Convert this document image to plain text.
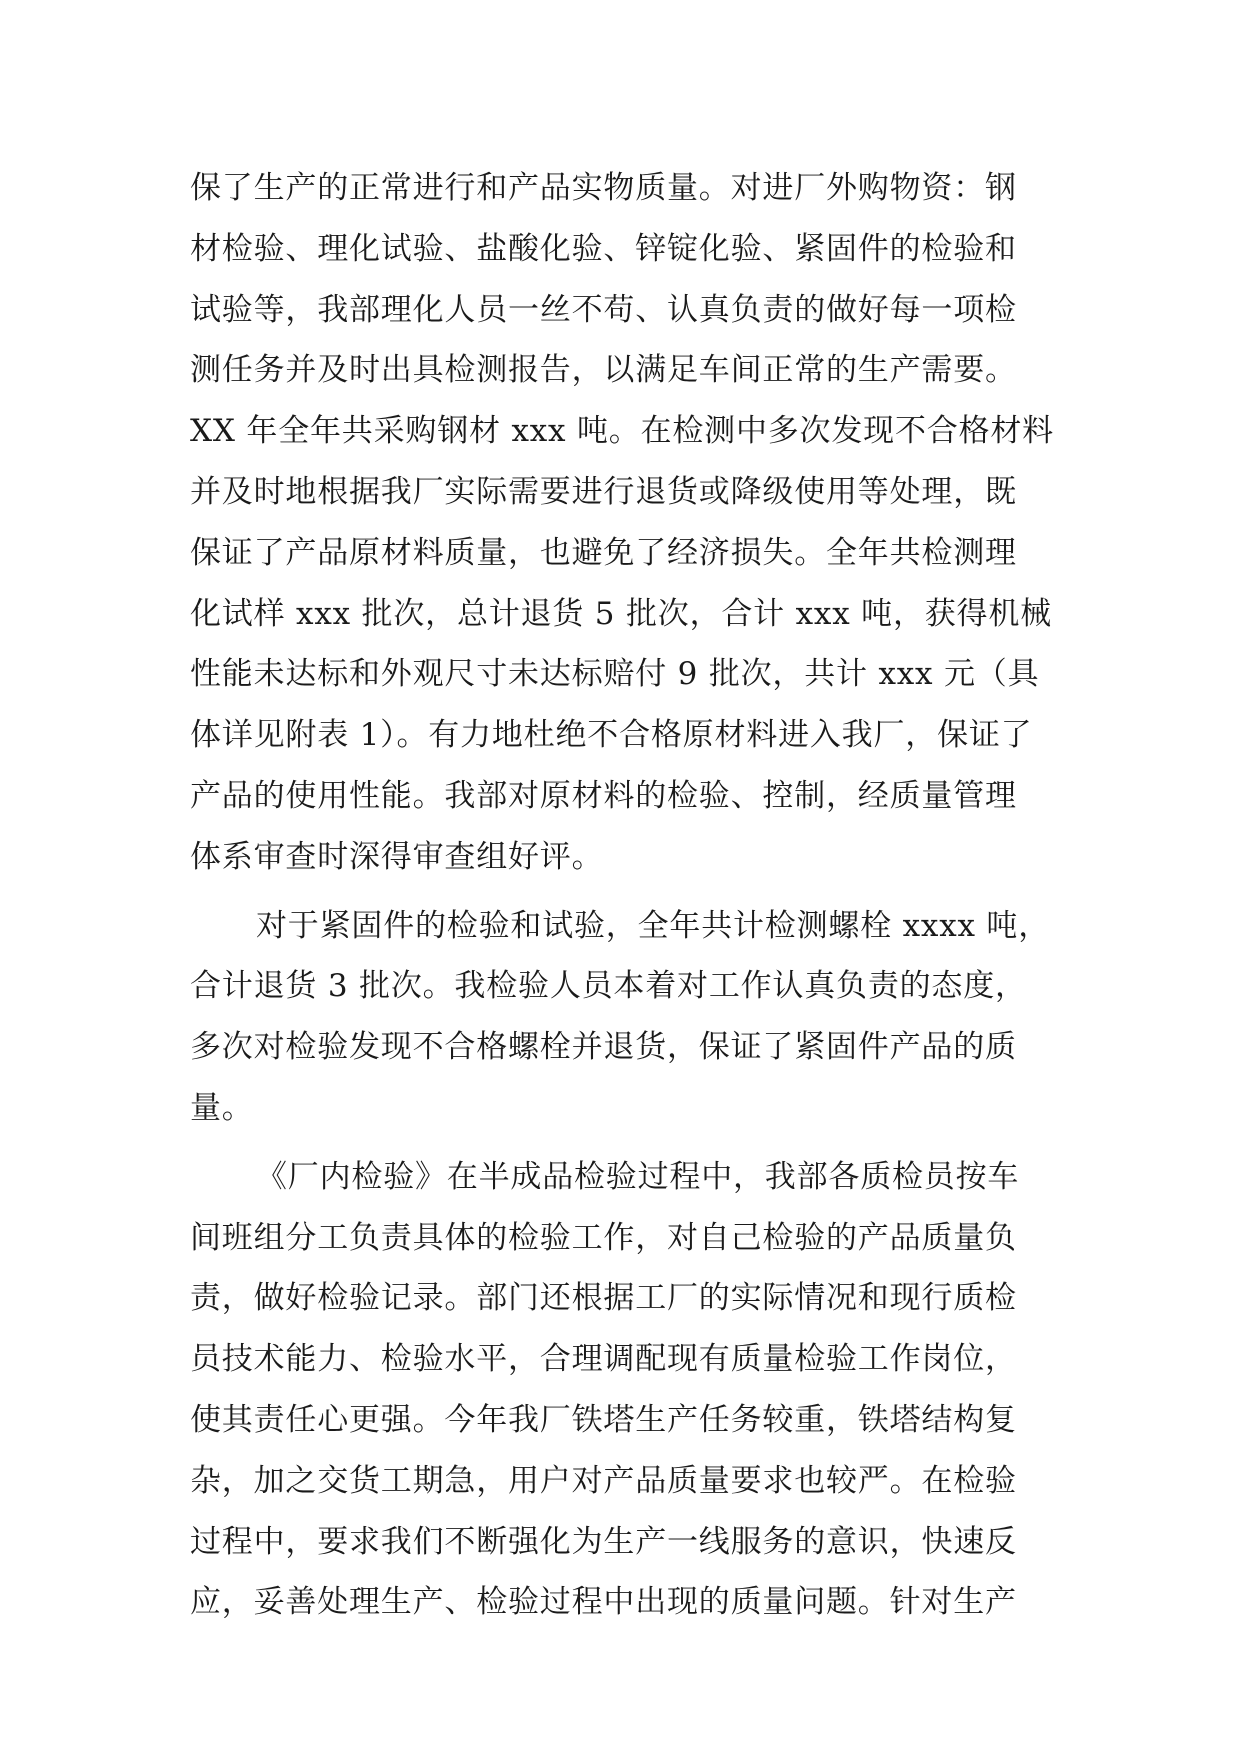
保了生产的正常进行和产品实物质量。对进厂外购物资：钢
材检验、理化试验、盐酸化验、锌锭化验、紧固件的检验和
试验等，我部理化人员一丝不苟、认真负责的做好每一项检
测任务并及时出具检测报告，以满足车间正常的生产需要。
XX 年全年共采购钢材 xxx 吨。在检测中多次发现不合格材料
并及时地根据我厂实际需要进行退货或降级使用等处理，既
保证了产品原材料质量，也避免了经济损失。全年共检测理
化试样 xxx 批次，总计退货 5 批次，合计 xxx 吨，获得机械
性能未达标和外观尺寸未达标赔付 9 批次，共计 xxx 元（具
体详见附表 1）。有力地杜绝不合格原材料进入我厂，保证了
产品的使用性能。我部对原材料的检验、控制，经质量管理
体系审查时深得审查组好评。
对于紧固件的检验和试验，全年共计检测螺栓 xxxx 吨，
合计退货 3 批次。我检验人员本着对工作认真负责的态度，
多次对检验发现不合格螺栓并退货，保证了紧固件产品的质
量。
《厂内检验》在半成品检验过程中，我部各质检员按车
间班组分工负责具体的检验工作，对自己检验的产品质量负
责，做好检验记录。部门还根据工厂的实际情况和现行质检
员技术能力、检验水平，合理调配现有质量检验工作岗位，
使其责任心更强。今年我厂铁塔生产任务较重，铁塔结构复
杂，加之交货工期急，用户对产品质量要求也较严。在检验
过程中，要求我们不断强化为生产一线服务的意识，快速反
应，妥善处理生产、检验过程中出现的质量问题。针对生产
